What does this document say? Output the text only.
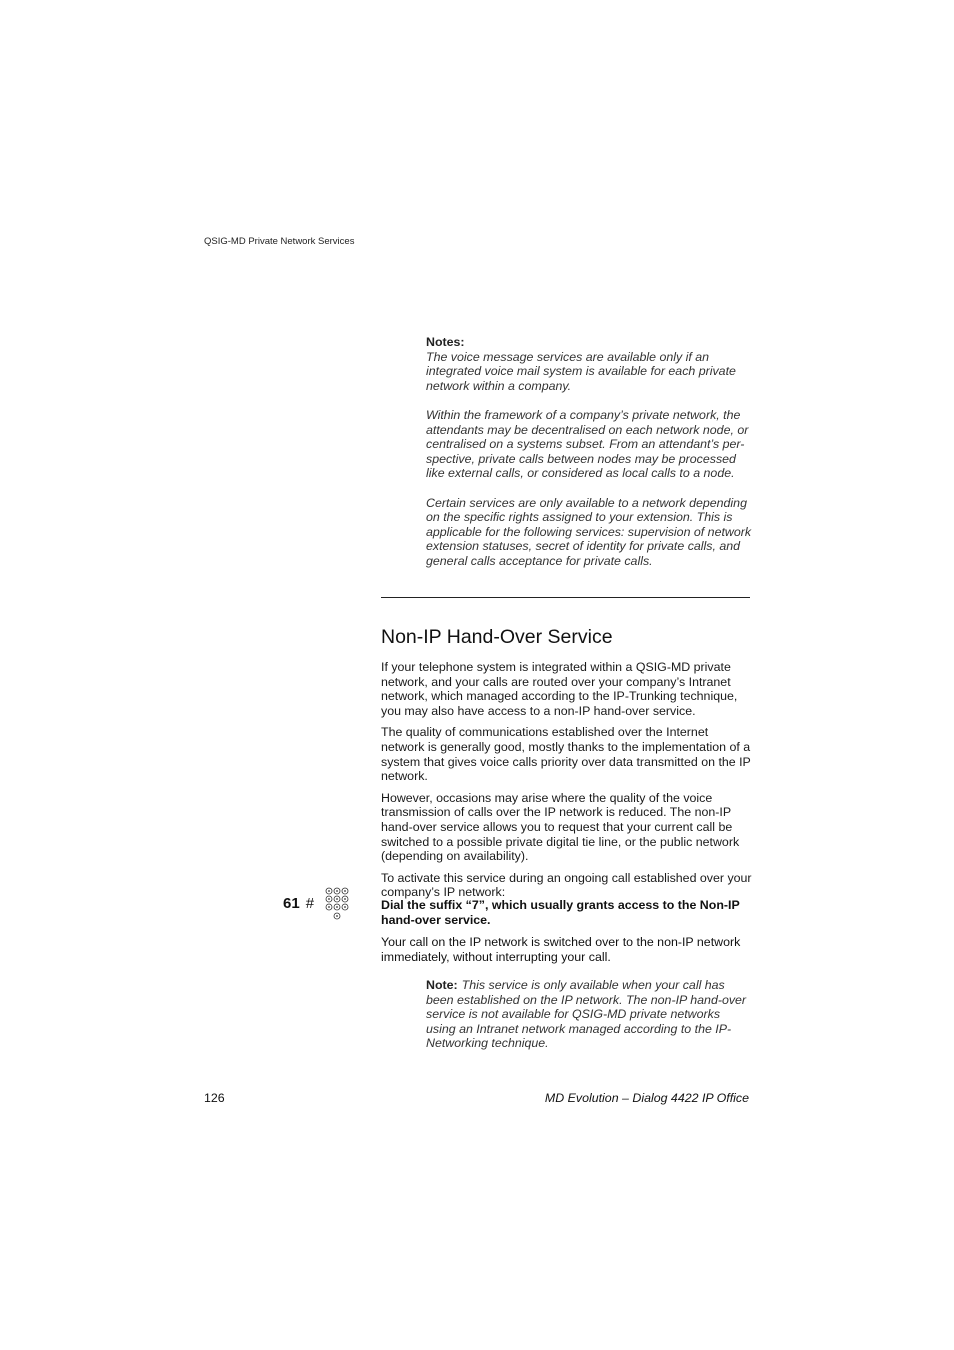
QSIG-MD Private Network Services
Notes:

The voice message services are available only if an integrated voice mail system is available for each private network within a company.

Within the framework of a company’s private network, the attendants may be decentralised on each network node, or centralised on a systems subset. From an attendant’s per-spective, private calls between nodes may be processed like external calls, or considered as local calls to a node.

Certain services are only available to a network depending on the specific rights assigned to your extension. This is applicable for the following services: supervision of network extension statuses, secret of identity for private calls, and general calls acceptance for private calls.

Non-IP Hand-Over Service

If your telephone system is integrated within a QSIG-MD private network, and your calls are routed over your company’s Intranet network, which managed according to the IP-Trunking technique, you may also have access to a non-IP hand-over service.

The quality of communications established over the Internet network is generally good, mostly thanks to the implementation of a system that gives voice calls priority over data transmitted on the IP network.

However, occasions may arise where the quality of the voice transmission of calls over the IP network is reduced. The non-IP hand-over service allows you to request that your current call be switched to a possible private digital tie line, or the public network (depending on availability).

To activate this service during an ongoing call established over your company’s IP network:

61 #	Dial the suffix “7”, which usually grants access to the Non-IP hand-over service.
Your call on the IP network is switched over to the non-IP network immediately, without interrupting your call.
Note: This service is only available when your call has been established on the IP network. The non-IP hand-over service is not available for QSIG-MD private networks using an Intranet network managed according to the IP-Networking technique.
126	MD Evolution – Dialog 4422 IP Office
